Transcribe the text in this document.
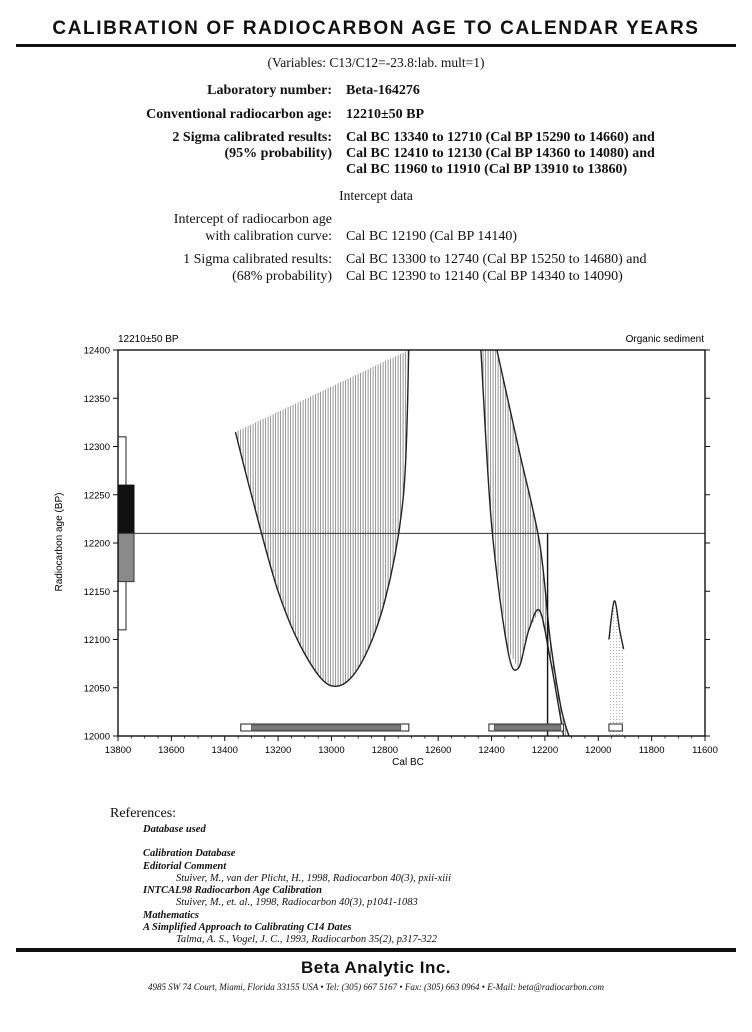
CALIBRATION OF RADIOCARBON AGE TO CALENDAR YEARS
(Variables: C13/C12=-23.8:lab. mult=1)
Laboratory number: Beta-164276
Conventional radiocarbon age: 12210±50 BP
2 Sigma calibrated results:
(95% probability)
Cal BC 13340 to 12710 (Cal BP 15290 to 14660) and
Cal BC 12410 to 12130 (Cal BP 14360 to 14080) and
Cal BC 11960 to 11910 (Cal BP 13910 to 13860)
Intercept data
Intercept of radiocarbon age
with calibration curve: Cal BC 12190 (Cal BP 14140)
1 Sigma calibrated results:
(68% probability)
Cal BC 13300 to 12740 (Cal BP 15250 to 14680) and
Cal BC 12390 to 12140 (Cal BP 14340 to 14090)
12210±50 BP	Organic sediment
12000
12050
12100
12150
12200
12250
12300
12350
12400
13800	13600	13400	13200	13000	12800	12600	12400	12200	12000	11800	11600
Cal BC
Radiocarbon age (BP)
References:
Database used
Calibration Database
Editorial Comment
Stuiver, M., van der Plicht, H., 1998, Radiocarbon 40(3), pxii-xiii
INTCAL98 Radiocarbon Age Calibration
Stuiver, M., et. al., 1998, Radiocarbon 40(3), p1041-1083
Mathematics
A Simplified Approach to Calibrating C14 Dates
Talma, A. S., Vogel, J. C., 1993, Radiocarbon 35(2), p317-322
Beta Analytic Inc.
4985 SW 74 Court, Miami, Florida 33155 USA • Tel: (305) 667 5167 • Fax: (305) 663 0964 • E-Mail: beta@radiocarbon.com
